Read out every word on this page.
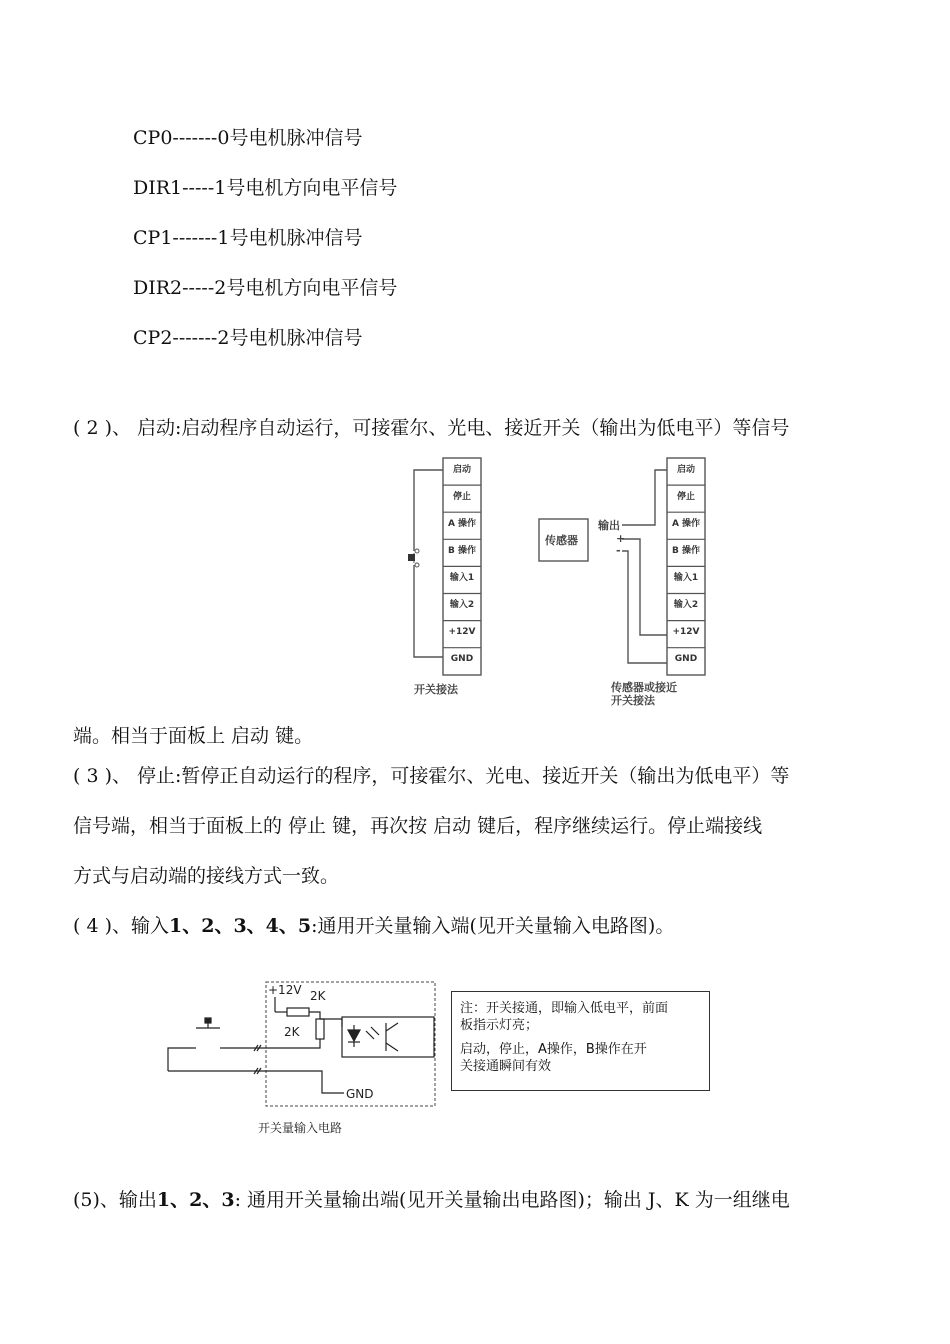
CP0-------0号电机脉冲信号
DIR1-----1号电机方向电平信号
CP1-------1号电机脉冲信号
DIR2-----2号电机方向电平信号
CP2-------2号电机脉冲信号
( 2 )、 启动:启动程序自动运行，可接霍尔、光电、接近开关（输出为低电平）等信号
启动
停止
A 操作
B 操作
输入1
输入2
+12V
GND
启动
停止
A 操作
B 操作
输入1
输入2
+12V
GND
传感器
输出
+
-
开关接法	传感器或接近
开关接法
端。相当于面板上 启动 键。
( 3 )、 停止:暂停正自动运行的程序，可接霍尔、光电、接近开关（输出为低电平）等
信号端，相当于面板上的 停止 键，再次按 启动 键后，程序继续运行。停止端接线
方式与启动端的接线方式一致。
( 4 )、输入1、2、3、4、5:通用开关量输入端(见开关量输入电路图)。
+12V 2K
2K
GND
开关量输入电路
注：开关接通，即输入低电平，前面
板指示灯亮；
启动，停止，A操作，B操作在开
关接通瞬间有效
(5)、输出1、2、3: 通用开关量输出端(见开关量输出电路图)；输出 J、K 为一组继电
